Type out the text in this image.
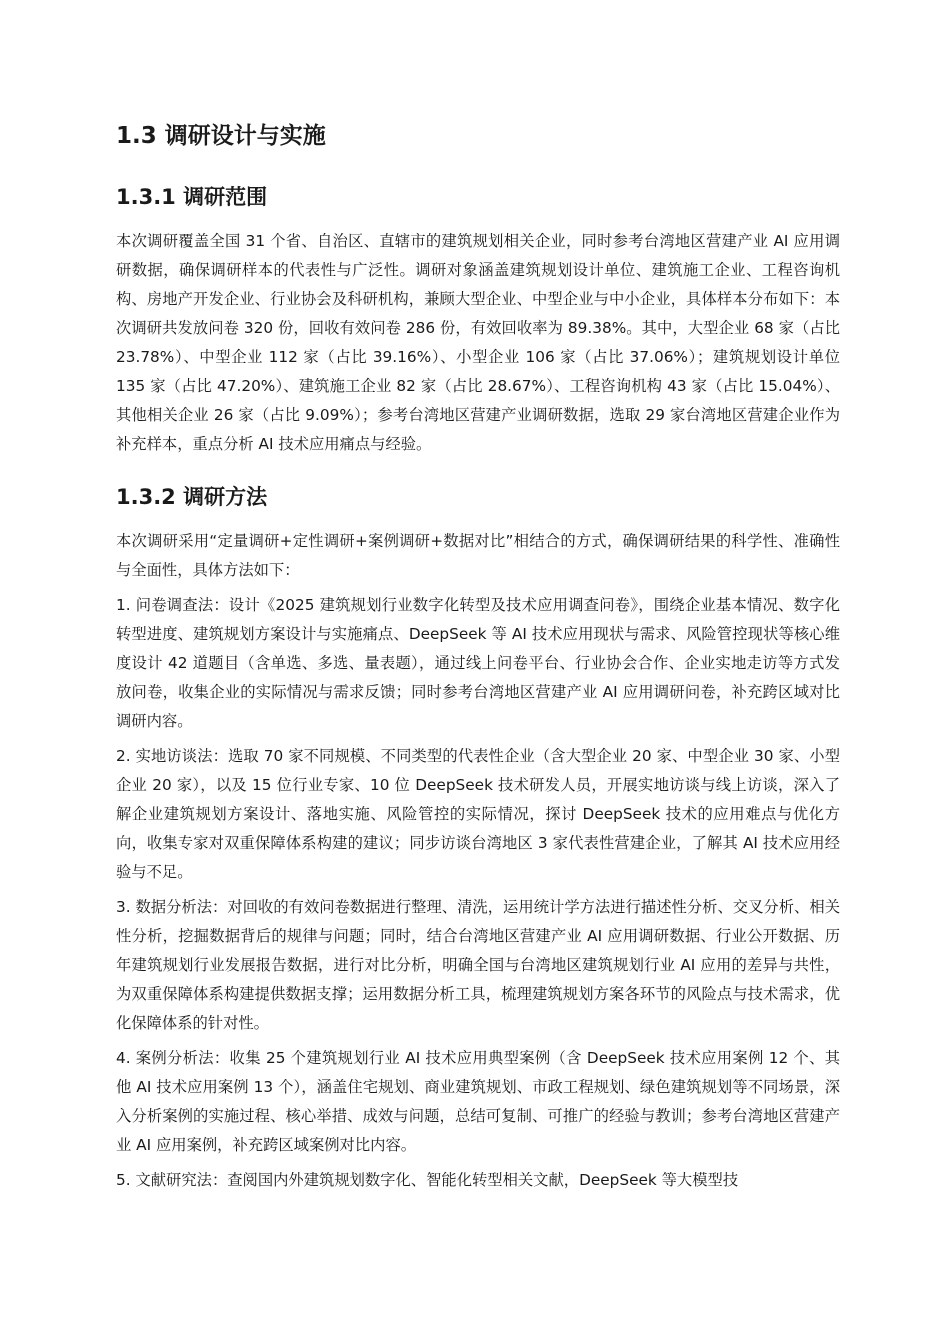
1.3 调研设计与实施
1.3.1 调研范围

本次调研覆盖全国 31 个省、自治区、直辖市的建筑规划相关企业，同时参考台湾地区营建产业 AI 应用调研数据，确保调研样本的代表性与广泛性。调研对象涵盖建筑规划设计单位、建筑施工企业、工程咨询机构、房地产开发企业、行业协会及科研机构，兼顾大型企业、中型企业与中小企业，具体样本分布如下：本次调研共发放问卷 320 份，回收有效问卷 286 份，有效回收率为 89.38%。其中，大型企业 68 家（占比 23.78%）、中型企业 112 家（占比 39.16%）、小型企业 106 家（占比 37.06%）；建筑规划设计单位 135 家（占比 47.20%）、建筑施工企业 82 家（占比 28.67%）、工程咨询机构 43 家（占比 15.04%）、其他相关企业 26 家（占比 9.09%）；参考台湾地区营建产业调研数据，选取 29 家台湾地区营建企业作为补充样本，重点分析 AI 技术应用痛点与经验。

1.3.2 调研方法

本次调研采用“定量调研+定性调研+案例调研+数据对比”相结合的方式，确保调研结果的科学性、准确性与全面性，具体方法如下：

1. 问卷调查法：设计《2025 建筑规划行业数字化转型及技术应用调查问卷》，围绕企业基本情况、数字化转型进度、建筑规划方案设计与实施痛点、DeepSeek 等 AI 技术应用现状与需求、风险管控现状等核心维度设计 42 道题目（含单选、多选、量表题），通过线上问卷平台、行业协会合作、企业实地走访等方式发放问卷，收集企业的实际情况与需求反馈；同时参考台湾地区营建产业 AI 应用调研问卷，补充跨区域对比调研内容。

2. 实地访谈法：选取 70 家不同规模、不同类型的代表性企业（含大型企业 20 家、中型企业 30 家、小型企业 20 家），以及 15 位行业专家、10 位 DeepSeek 技术研发人员，开展实地访谈与线上访谈，深入了解企业建筑规划方案设计、落地实施、风险管控的实际情况，探讨 DeepSeek 技术的应用难点与优化方向，收集专家对双重保障体系构建的建议；同步访谈台湾地区 3 家代表性营建企业，了解其 AI 技术应用经验与不足。

3. 数据分析法：对回收的有效问卷数据进行整理、清洗，运用统计学方法进行描述性分析、交叉分析、相关性分析，挖掘数据背后的规律与问题；同时，结合台湾地区营建产业 AI 应用调研数据、行业公开数据、历年建筑规划行业发展报告数据，进行对比分析，明确全国与台湾地区建筑规划行业 AI 应用的差异与共性，为双重保障体系构建提供数据支撑；运用数据分析工具，梳理建筑规划方案各环节的风险点与技术需求，优化保障体系的针对性。

4. 案例分析法：收集 25 个建筑规划行业 AI 技术应用典型案例（含 DeepSeek 技术应用案例 12 个、其他 AI 技术应用案例 13 个），涵盖住宅规划、商业建筑规划、市政工程规划、绿色建筑规划等不同场景，深入分析案例的实施过程、核心举措、成效与问题，总结可复制、可推广的经验与教训；参考台湾地区营建产业 AI 应用案例，补充跨区域案例对比内容。

5. 文献研究法：查阅国内外建筑规划数字化、智能化转型相关文献，DeepSeek 等大模型技
